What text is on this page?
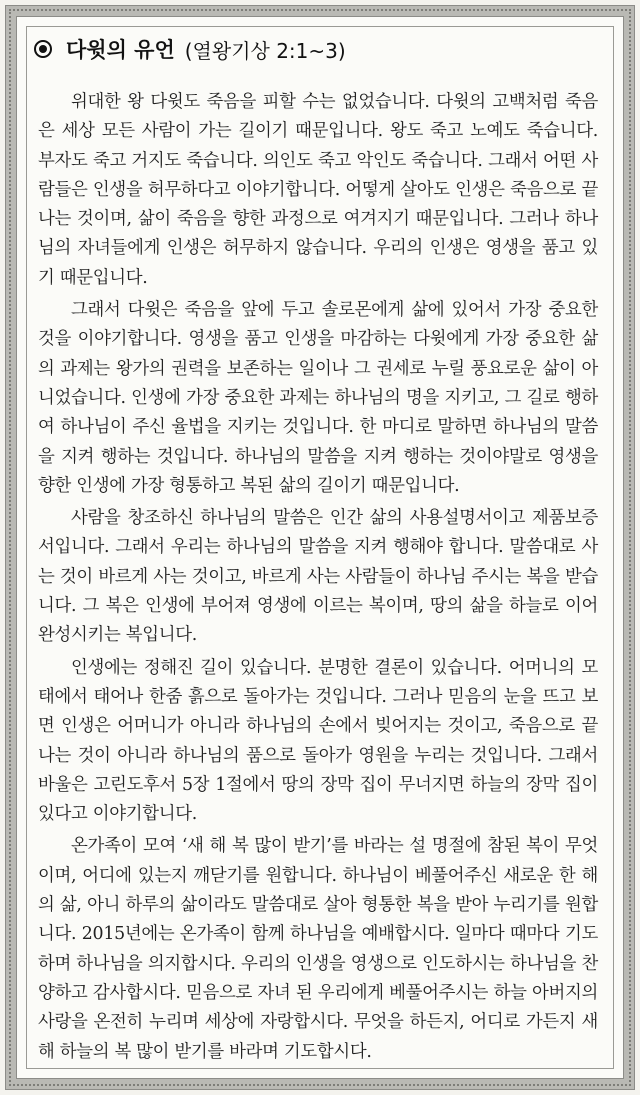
다윗의 유언 (열왕기상 2:1~3)

위대한 왕 다윗도 죽음을 피할 수는 없었습니다. 다윗의 고백처럼 죽음은 세상 모든 사람이 가는 길이기 때문입니다. 왕도 죽고 노예도 죽습니다. 부자도 죽고 거지도 죽습니다. 의인도 죽고 악인도 죽습니다. 그래서 어떤 사람들은 인생을 허무하다고 이야기합니다. 어떻게 살아도 인생은 죽음으로 끝나는 것이며, 삶이 죽음을 향한 과정으로 여겨지기 때문입니다. 그러나 하나님의 자녀들에게 인생은 허무하지 않습니다. 우리의 인생은 영생을 품고 있기 때문입니다.

그래서 다윗은 죽음을 앞에 두고 솔로몬에게 삶에 있어서 가장 중요한 것을 이야기합니다. 영생을 품고 인생을 마감하는 다윗에게 가장 중요한 삶의 과제는 왕가의 권력을 보존하는 일이나 그 권세로 누릴 풍요로운 삶이 아니었습니다. 인생에 가장 중요한 과제는 하나님의 명을 지키고, 그 길로 행하여 하나님이 주신 율법을 지키는 것입니다. 한 마디로 말하면 하나님의 말씀을 지켜 행하는 것입니다. 하나님의 말씀을 지켜 행하는 것이야말로 영생을 향한 인생에 가장 형통하고 복된 삶의 길이기 때문입니다.

사람을 창조하신 하나님의 말씀은 인간 삶의 사용설명서이고 제품보증서입니다. 그래서 우리는 하나님의 말씀을 지켜 행해야 합니다. 말씀대로 사는 것이 바르게 사는 것이고, 바르게 사는 사람들이 하나님 주시는 복을 받습니다. 그 복은 인생에 부어져 영생에 이르는 복이며, 땅의 삶을 하늘로 이어 완성시키는 복입니다.

인생에는 정해진 길이 있습니다. 분명한 결론이 있습니다. 어머니의 모태에서 태어나 한줌 흙으로 돌아가는 것입니다. 그러나 믿음의 눈을 뜨고 보면 인생은 어머니가 아니라 하나님의 손에서 빚어지는 것이고, 죽음으로 끝나는 것이 아니라 하나님의 품으로 돌아가 영원을 누리는 것입니다. 그래서 바울은 고린도후서 5장 1절에서 땅의 장막 집이 무너지면 하늘의 장막 집이 있다고 이야기합니다.

온가족이 모여 ‘새 해 복 많이 받기’를 바라는 설 명절에 참된 복이 무엇이며, 어디에 있는지 깨닫기를 원합니다. 하나님이 베풀어주신 새로운 한 해의 삶, 아니 하루의 삶이라도 말씀대로 살아 형통한 복을 받아 누리기를 원합니다. 2015년에는 온가족이 함께 하나님을 예배합시다. 일마다 때마다 기도하며 하나님을 의지합시다. 우리의 인생을 영생으로 인도하시는 하나님을 찬양하고 감사합시다. 믿음으로 자녀 된 우리에게 베풀어주시는 하늘 아버지의 사랑을 온전히 누리며 세상에 자랑합시다. 무엇을 하든지, 어디로 가든지 새 해 하늘의 복 많이 받기를 바라며 기도합시다.
